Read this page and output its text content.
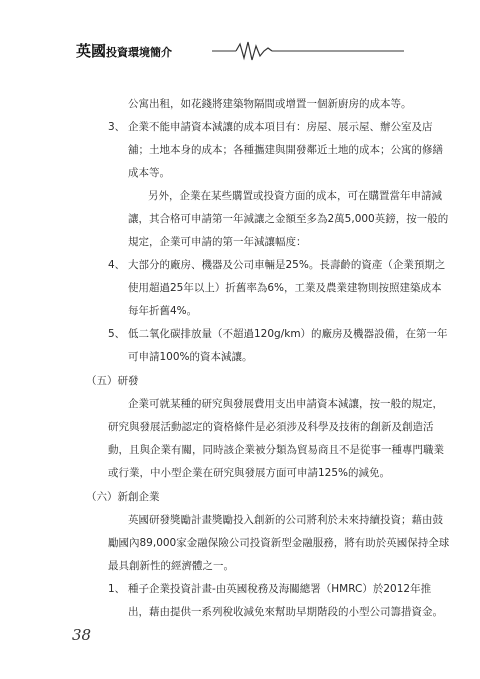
英國投資環境簡介
公寓出租，如花錢將建築物隔間或增置一個新廚房的成本等。
3、 企業不能申請資本減讓的成本項目有：房屋、展示屋、辦公室及店
舖；土地本身的成本；各種攜建與開發鄰近土地的成本；公寓的修繕
成本等。
另外，企業在某些購置或投資方面的成本，可在購置當年申請減
讓，其合格可申請第一年減讓之金額至多為2萬5,000英鎊，按一般的
規定，企業可申請的第一年減讓幅度：
4、 大部分的廠房、機器及公司車輛是25%。長壽齡的資產（企業預期之
使用超過25年以上）折舊率為6%，工業及農業建物則按照建築成本
每年折舊4%。
5、 低二氧化碳排放量（不超過120g/km）的廠房及機器設備，在第一年
可申請100%的資本減讓。
（五）研發
企業可就某種的研究與發展費用支出申請資本減讓，按一般的規定，
研究與發展活動認定的資格條件是必須涉及科學及技術的創新及創造活
動，且與企業有關，同時該企業被分類為貿易商且不是從事一種專門職業
或行業，中小型企業在研究與發展方面可申請125%的減免。
（六）新創企業
英國研發獎勵計畫獎勵投入創新的公司將利於未來持續投資；藉由鼓
勵國內89,000家金融保險公司投資新型金融服務，將有助於英國保持全球
最具創新性的經濟體之一。
1、 種子企業投資計畫-由英國稅務及海關總署（HMRC）於2012年推
出，藉由提供一系列稅收減免來幫助早期階段的小型公司籌措資金。
38
